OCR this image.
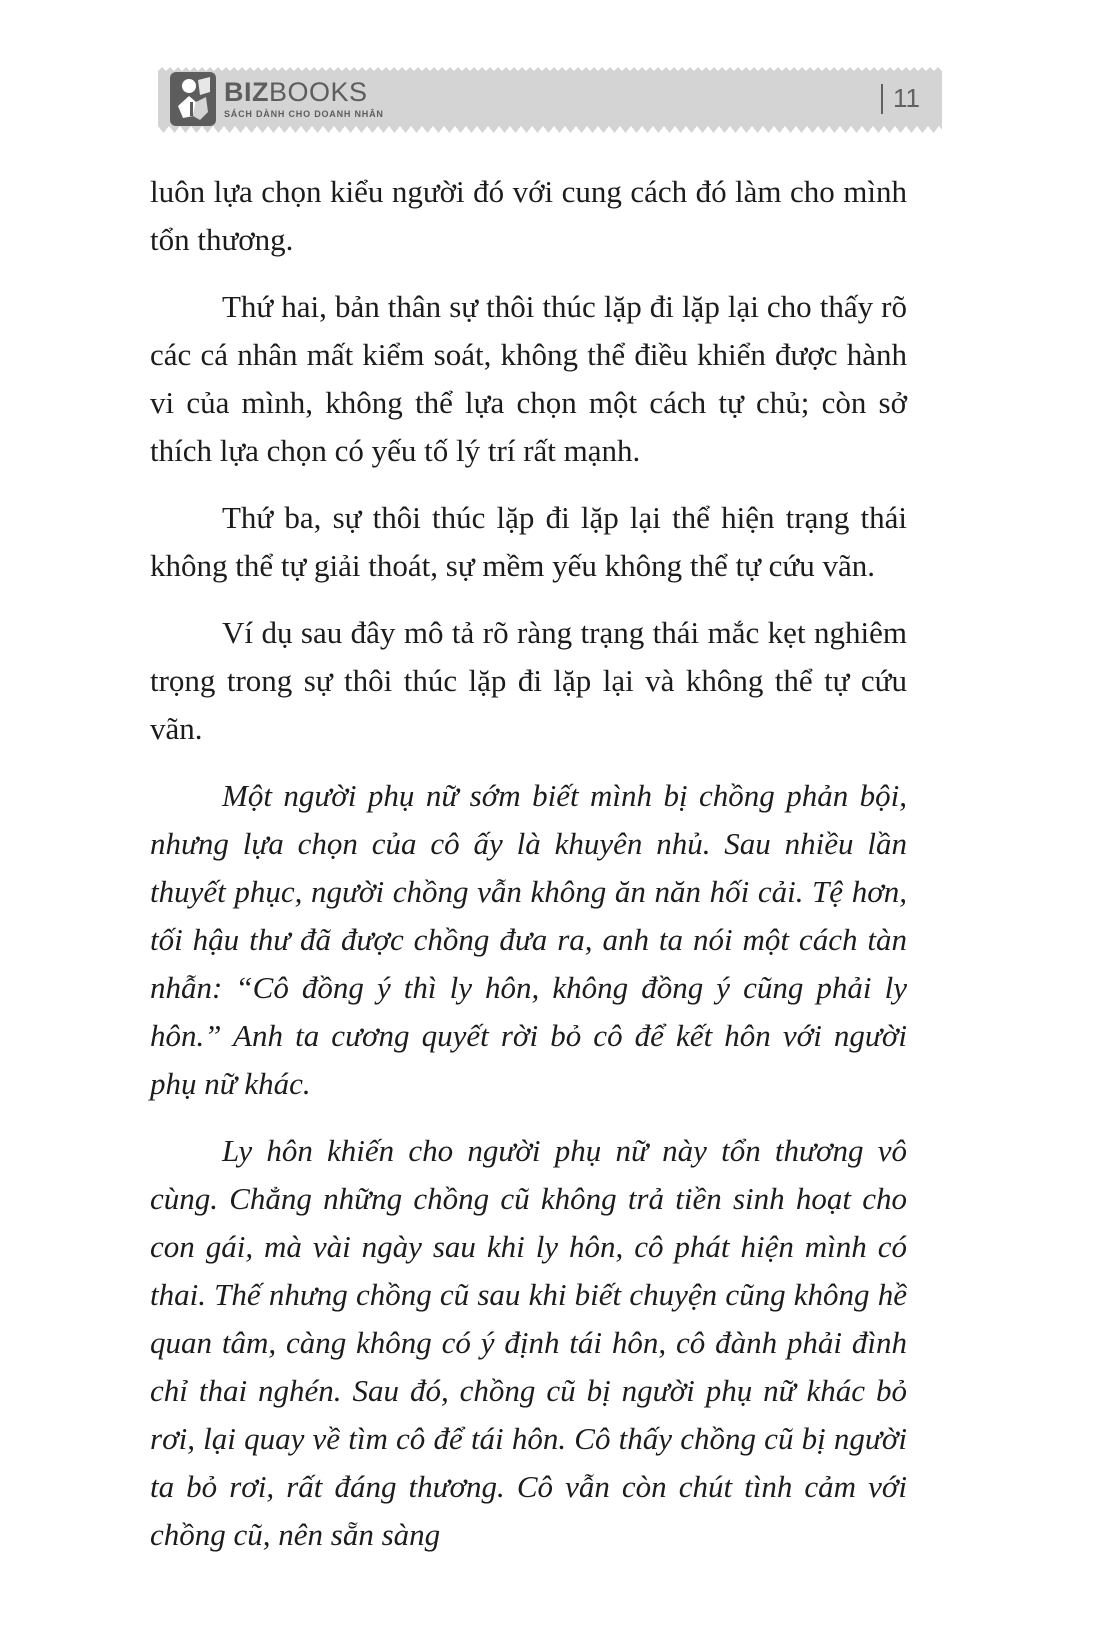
BIZBOOKS
SÁCH DÀNH CHO DOANH NHÂN
11

luôn lựa chọn kiểu người đó với cung cách đó làm cho mình tổn thương.

Thứ hai, bản thân sự thôi thúc lặp đi lặp lại cho thấy rõ các cá nhân mất kiểm soát, không thể điều khiển được hành vi của mình, không thể lựa chọn một cách tự chủ; còn sở thích lựa chọn có yếu tố lý trí rất mạnh.

Thứ ba, sự thôi thúc lặp đi lặp lại thể hiện trạng thái không thể tự giải thoát, sự mềm yếu không thể tự cứu vãn.

Ví dụ sau đây mô tả rõ ràng trạng thái mắc kẹt nghiêm trọng trong sự thôi thúc lặp đi lặp lại và không thể tự cứu vãn.

Một người phụ nữ sớm biết mình bị chồng phản bội, nhưng lựa chọn của cô ấy là khuyên nhủ. Sau nhiều lần thuyết phục, người chồng vẫn không ăn năn hối cải. Tệ hơn, tối hậu thư đã được chồng đưa ra, anh ta nói một cách tàn nhẫn: “Cô đồng ý thì ly hôn, không đồng ý cũng phải ly hôn.” Anh ta cương quyết rời bỏ cô để kết hôn với người phụ nữ khác.

Ly hôn khiến cho người phụ nữ này tổn thương vô cùng. Chẳng những chồng cũ không trả tiền sinh hoạt cho con gái, mà vài ngày sau khi ly hôn, cô phát hiện mình có thai. Thế nhưng chồng cũ sau khi biết chuyện cũng không hề quan tâm, càng không có ý định tái hôn, cô đành phải đình chỉ thai nghén. Sau đó, chồng cũ bị người phụ nữ khác bỏ rơi, lại quay về tìm cô để tái hôn. Cô thấy chồng cũ bị người ta bỏ rơi, rất đáng thương. Cô vẫn còn chút tình cảm với chồng cũ, nên sẵn sàng
